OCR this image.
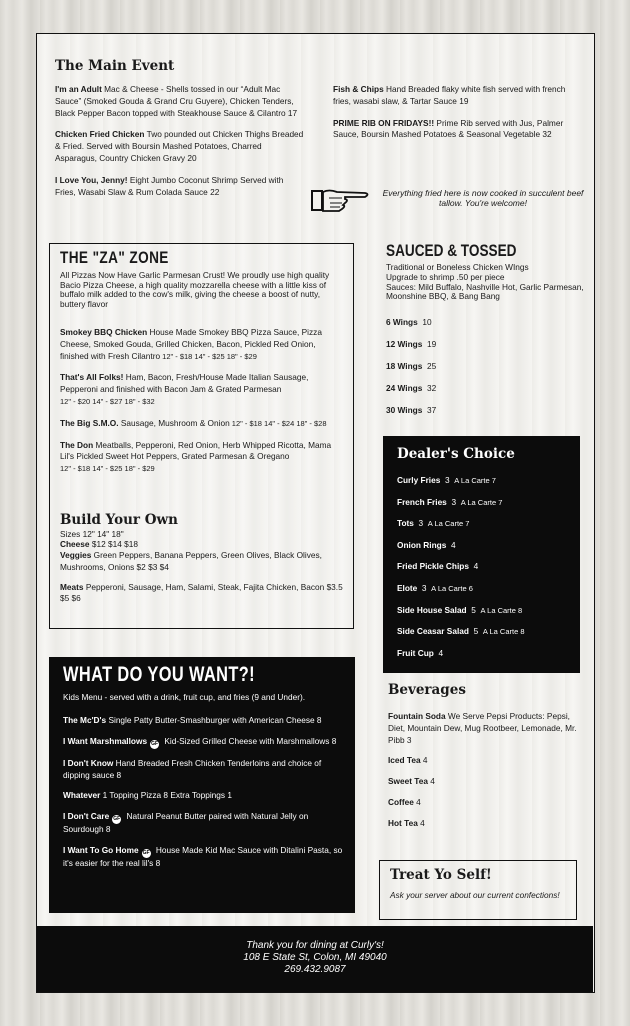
The Main Event

I'm an Adult Mac & Cheese - Shells tossed in our “Adult Mac Sauce” (Smoked Gouda & Grand Cru Guyere), Chicken Tenders, Black Pepper Bacon topped with Steakhouse Sauce & Cilantro 17

Chicken Fried Chicken Two pounded out Chicken Thighs Breaded & Fried. Served with Boursin Mashed Potatoes, Charred Asparagus, Country Chicken Gravy 20

I Love You, Jenny! Eight Jumbo Coconut Shrimp Served with Fries, Wasabi Slaw & Rum Colada Sauce 22

Fish & Chips Hand Breaded flaky white fish served with french fries, wasabi slaw, & Tartar Sauce 19

PRIME RIB ON FRIDAYS!! Prime Rib served with Jus, Palmer Sauce, Boursin Mashed Potatoes & Seasonal Vegetable 32

Everything fried here is now cooked in succulent beef tallow. You're welcome!
THE "ZA" ZONE
All Pizzas Now Have Garlic Parmesan Crust! We proudly use high quality Bacio Pizza Cheese, a high quality mozzarella cheese with a little kiss of buffalo milk added to the cow's milk, giving the cheese a boost of nutty, buttery flavor

Smokey BBQ Chicken House Made Smokey BBQ Pizza Sauce, Pizza Cheese, Smoked Gouda, Grilled Chicken, Bacon, Pickled Red Onion, finished with Fresh Cilantro 12" - $18 14" - $25 18" - $29

That's All Folks! Ham, Bacon, Fresh/House Made Italian Sausage, Pepperoni and finished with Bacon Jam & Grated Parmesan
12" - $20 14" - $27 18" - $32

The Big S.M.O. Sausage, Mushroom & Onion 12" - $18 14" - $24 18" - $28

The Don Meatballs, Pepperoni, Red Onion, Herb Whipped Ricotta, Mama Lil's Pickled Sweet Hot Peppers, Grated Parmesan & Oregano
12" - $18 14" - $25 18" - $29

Build Your Own
Sizes 12" 14" 18"
Cheese $12 $14 $18

Veggies Green Peppers, Banana Peppers, Green Olives, Black Olives, Mushrooms, Onions $2 $3 $4

Meats Pepperoni, Sausage, Ham, Salami, Steak, Fajita Chicken, Bacon $3.5 $5 $6

SAUCED & TOSSED
Traditional or Boneless Chicken WIngs
Upgrade to shrimp .50 per piece
Sauces: Mild Buffalo, Nashville Hot, Garlic Parmesan, Moonshine BBQ, & Bang Bang
6 Wings 10
12 Wings 19
18 Wings 25
24 Wings 32
30 Wings 37
Dealer's Choice
Curly Fries 3 A La Carte 7
French Fries 3 A La Carte 7
Tots 3 A La Carte 7
Onion Rings 4
Fried Pickle Chips 4
Elote 3 A La Carte 6
Side House Salad 5 A La Carte 8
Side Ceasar Salad 5 A La Carte 8
Fruit Cup 4
WHAT DO YOU WANT?!
Kids Menu - served with a drink, fruit cup, and fries (9 and Under).

The Mc'D's Single Patty Butter-Smashburger with American Cheese 8

I Want Marshmallows GF Kid-Sized Grilled Cheese with Marshmallows 8

I Don't Know Hand Breaded Fresh Chicken Tenderloins and choice of dipping sauce 8

Whatever 1 Topping Pizza 8 Extra Toppings 1

I Don't Care GF Natural Peanut Butter paired with Natural Jelly on Sourdough 8

I Want To Go Home GF House Made Kid Mac Sauce with Ditalini Pasta, so it's easier for the real lil's 8

Beverages

Fountain Soda We Serve Pepsi Products: Pepsi, Diet, Mountain Dew, Mug Rootbeer, Lemonade, Mr. Pibb 3

Iced Tea 4

Sweet Tea 4

Coffee 4

Hot Tea 4

Treat Yo Self!
Ask your server about our current confections!
Thank you for dining at Curly's!
108 E State St, Colon, MI 49040
269.432.9087
